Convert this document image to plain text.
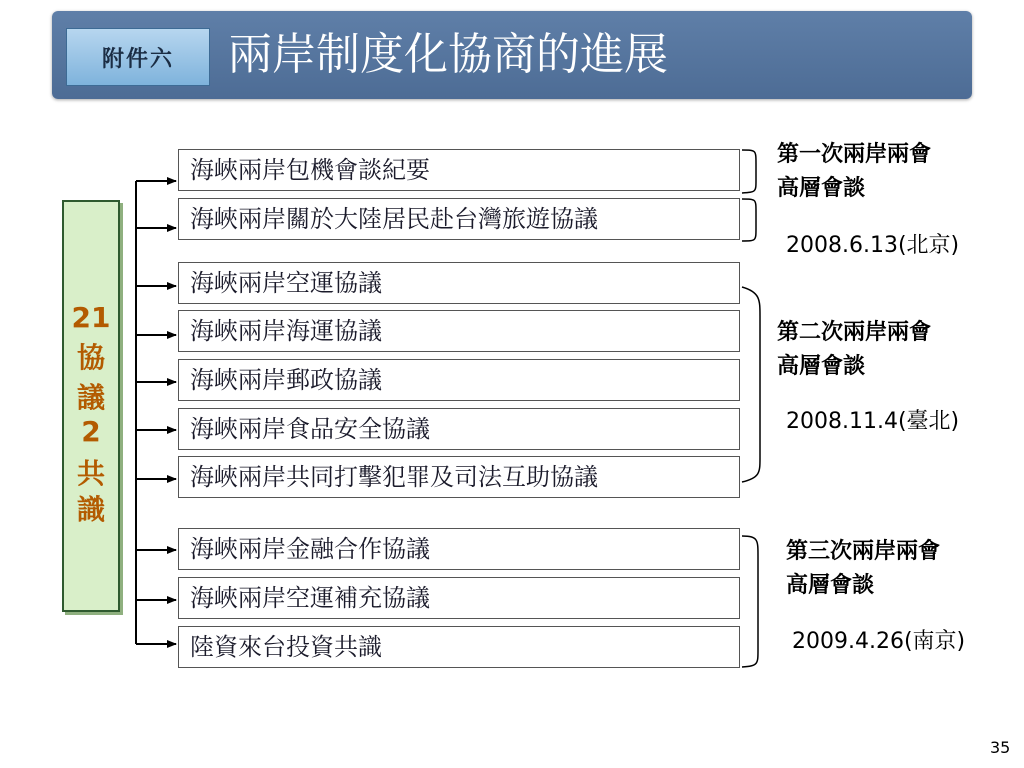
附件六	兩岸制度化協商的進展
21
協
議
2
共
識
海峽兩岸包機會談紀要
海峽兩岸關於大陸居民赴台灣旅遊協議
海峽兩岸空運協議
海峽兩岸海運協議
海峽兩岸郵政協議
海峽兩岸食品安全協議
海峽兩岸共同打擊犯罪及司法互助協議
海峽兩岸金融合作協議
海峽兩岸空運補充協議
陸資來台投資共識
第一次兩岸兩會
高層會談
2008.6.13(北京)
第二次兩岸兩會
高層會談
2008.11.4(臺北)
第三次兩岸兩會
高層會談
2009.4.26(南京)
35
